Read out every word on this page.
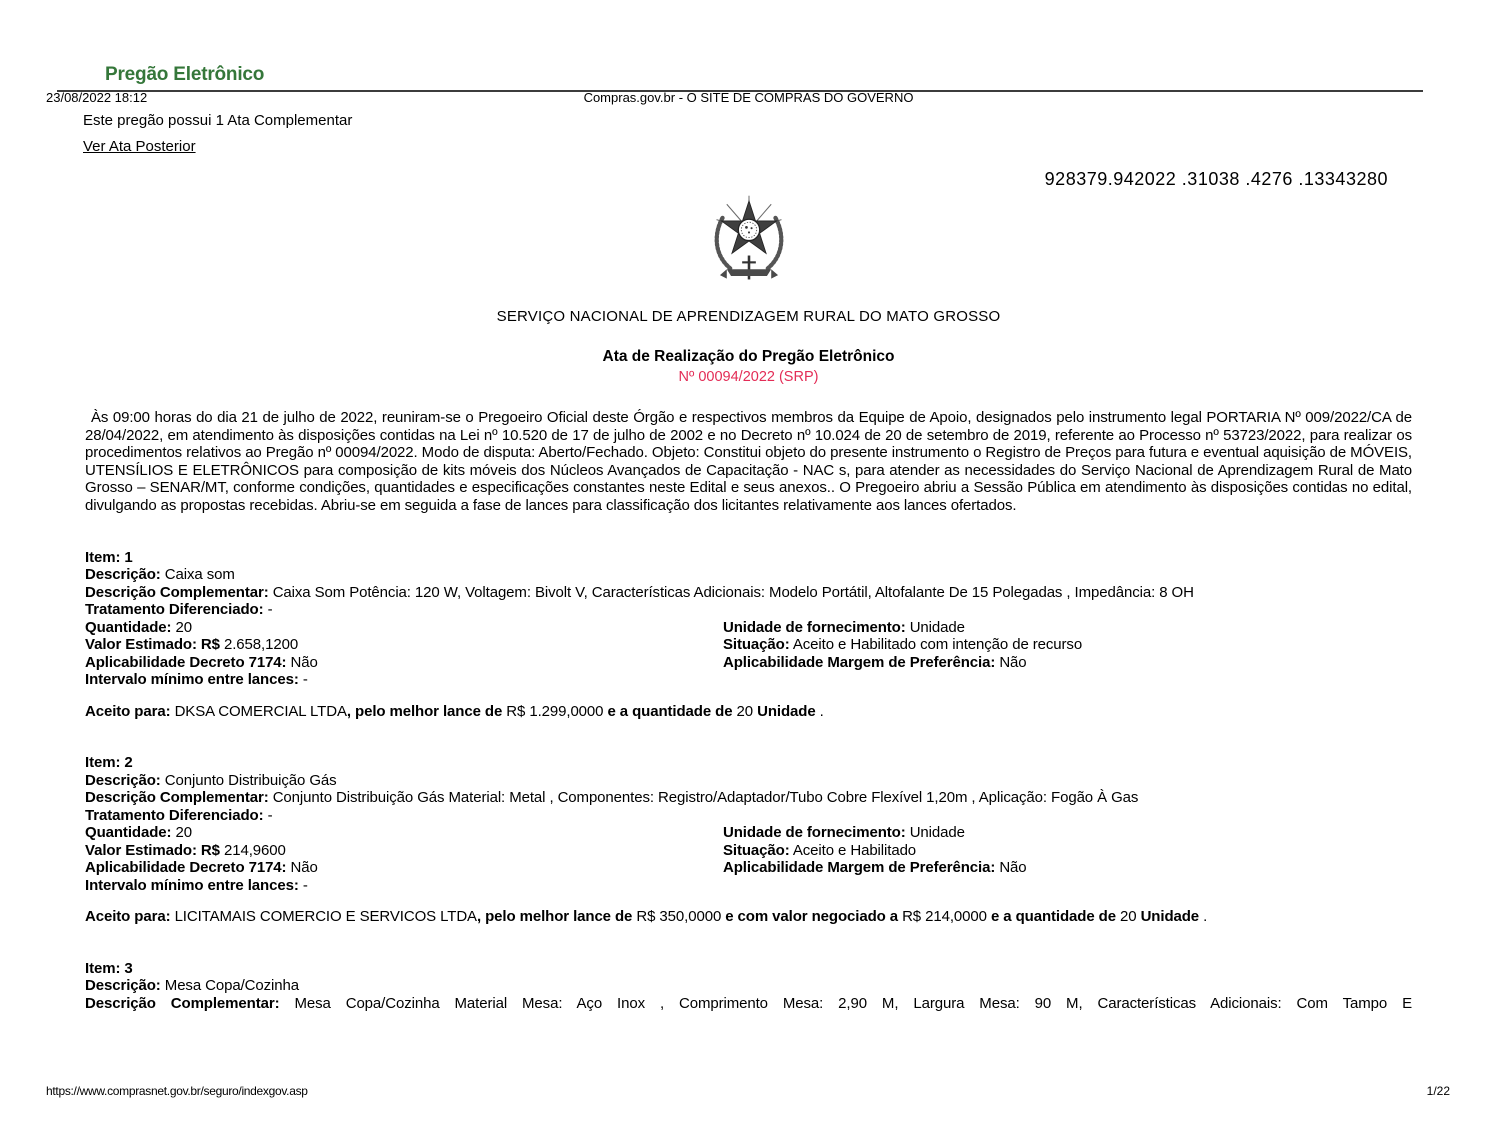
23/08/2022 18:12	Compras.gov.br - O SITE DE COMPRAS DO GOVERNO
Pregão Eletrônico

Este pregão possui 1 Ata Complementar

Ver Ata Posterior
928379.942022 .31038 .4276 .13343280
SERVIÇO NACIONAL DE APRENDIZAGEM RURAL DO MATO GROSSO
Ata de Realização do Pregão Eletrônico
Nº 00094/2022 (SRP)

Às 09:00 horas do dia 21 de julho de 2022, reuniram-se o Pregoeiro Oficial deste Órgão e respectivos membros da Equipe de Apoio, designados pelo instrumento legal PORTARIA Nº 009/2022/CA de 28/04/2022, em atendimento às disposições contidas na Lei nº 10.520 de 17 de julho de 2002 e no Decreto nº 10.024 de 20 de setembro de 2019, referente ao Processo nº 53723/2022, para realizar os procedimentos relativos ao Pregão nº 00094/2022. Modo de disputa: Aberto/Fechado. Objeto: Constitui objeto do presente instrumento o Registro de Preços para futura e eventual aquisição de MÓVEIS, UTENSÍLIOS E ELETRÔNICOS para composição de kits móveis dos Núcleos Avançados de Capacitação - NAC s, para atender as necessidades do Serviço Nacional de Aprendizagem Rural de Mato Grosso – SENAR/MT, conforme condições, quantidades e especificações constantes neste Edital e seus anexos.. O Pregoeiro abriu a Sessão Pública em atendimento às disposições contidas no edital, divulgando as propostas recebidas. Abriu-se em seguida a fase de lances para classificação dos licitantes relativamente aos lances ofertados.

Item: 1
Descrição: Caixa som
Descrição Complementar: Caixa Som Potência: 120 W, Voltagem: Bivolt V, Características Adicionais: Modelo Portátil, Altofalante De 15 Polegadas , Impedância: 8 OH
Tratamento Diferenciado: -
Quantidade: 20	Unidade de fornecimento: Unidade
Valor Estimado: R$ 2.658,1200	Situação: Aceito e Habilitado com intenção de recurso
Aplicabilidade Decreto 7174: Não	Aplicabilidade Margem de Preferência: Não
Intervalo mínimo entre lances: -

Aceito para: DKSA COMERCIAL LTDA, pelo melhor lance de R$ 1.299,0000 e a quantidade de 20 Unidade .

Item: 2
Descrição: Conjunto Distribuição Gás
Descrição Complementar: Conjunto Distribuição Gás Material: Metal , Componentes: Registro/Adaptador/Tubo Cobre Flexível 1,20m , Aplicação: Fogão À Gas
Tratamento Diferenciado: -
Quantidade: 20	Unidade de fornecimento: Unidade
Valor Estimado: R$ 214,9600	Situação: Aceito e Habilitado
Aplicabilidade Decreto 7174: Não	Aplicabilidade Margem de Preferência: Não
Intervalo mínimo entre lances: -

Aceito para: LICITAMAIS COMERCIO E SERVICOS LTDA, pelo melhor lance de R$ 350,0000 e com valor negociado a R$ 214,0000 e a quantidade de 20 Unidade .

Item: 3
Descrição: Mesa Copa/Cozinha
Descrição Complementar: Mesa Copa/Cozinha Material Mesa: Aço Inox , Comprimento Mesa: 2,90 M, Largura Mesa: 90 M, Características Adicionais: Com Tampo E
https://www.comprasnet.gov.br/seguro/indexgov.asp	1/22
